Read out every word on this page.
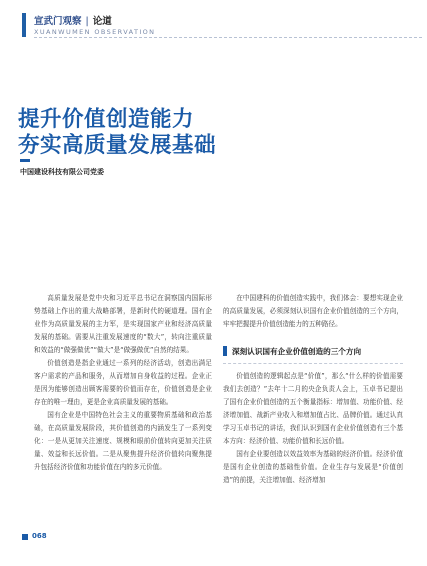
宣武门观察 | 论道
XUANWUMEN OBSERVATION
提升价值创造能力
夯实高质量发展基础
中国建设科技有限公司党委

高质量发展是党中央和习近平总书记在洞察国内国际形势基础上作出的重大战略部署，是新时代的硬道理。国有企业作为高质量发展的主力军，是实现国家产业和经济高质量发展的基础。需要从注重发展速度的“数大”，转向注重质量和效益的“做强做优”“做大”是“做强做优”自然的结果。

价值创造是指企业通过一系列的经济活动，创造出满足客户需求的产品和服务，从而增加自身收益的过程。企业正是因为能够创造出顾客需要的价值而存在，价值创造是企业存在的唯一理由，更是企业高质量发展的基础。

国有企业是中国特色社会主义的重要物质基础和政治基础，在高质量发展阶段，其价值创造的内涵发生了一系列变化：一是从更加关注速度、规模和眼前价值转向更加关注质量、效益和长远价值。二是从聚焦提升经济价值转向聚焦提升包括经济价值和功能价值在内的多元价值。

在中国建科的价值创造实践中，我们体会：要想实现企业的高质量发展，必须深刻认识国有企业价值创造的三个方向，牢牢把握提升价值创造能力的五种路径。

深刻认识国有企业价值创造的三个方向

价值创造的逻辑起点是“价值”，那么“什么样的价值需要我们去创造？”去年十二月的央企负责人会上，玉卓书记提出了国有企业价值创造的五个衡量指标：增加值、功能价值、经济增加值、战新产业收入和增加值占比、品牌价值。通过认真学习玉卓书记的讲话，我们认识到国有企业价值创造有三个基本方向：经济价值、功能价值和长远价值。

国有企业要创造以效益效率为基础的经济价值。经济价值是国有企业创造的基础性价值。企业生存与发展是“价值创造”的前提，关注增加值、经济增加

068
